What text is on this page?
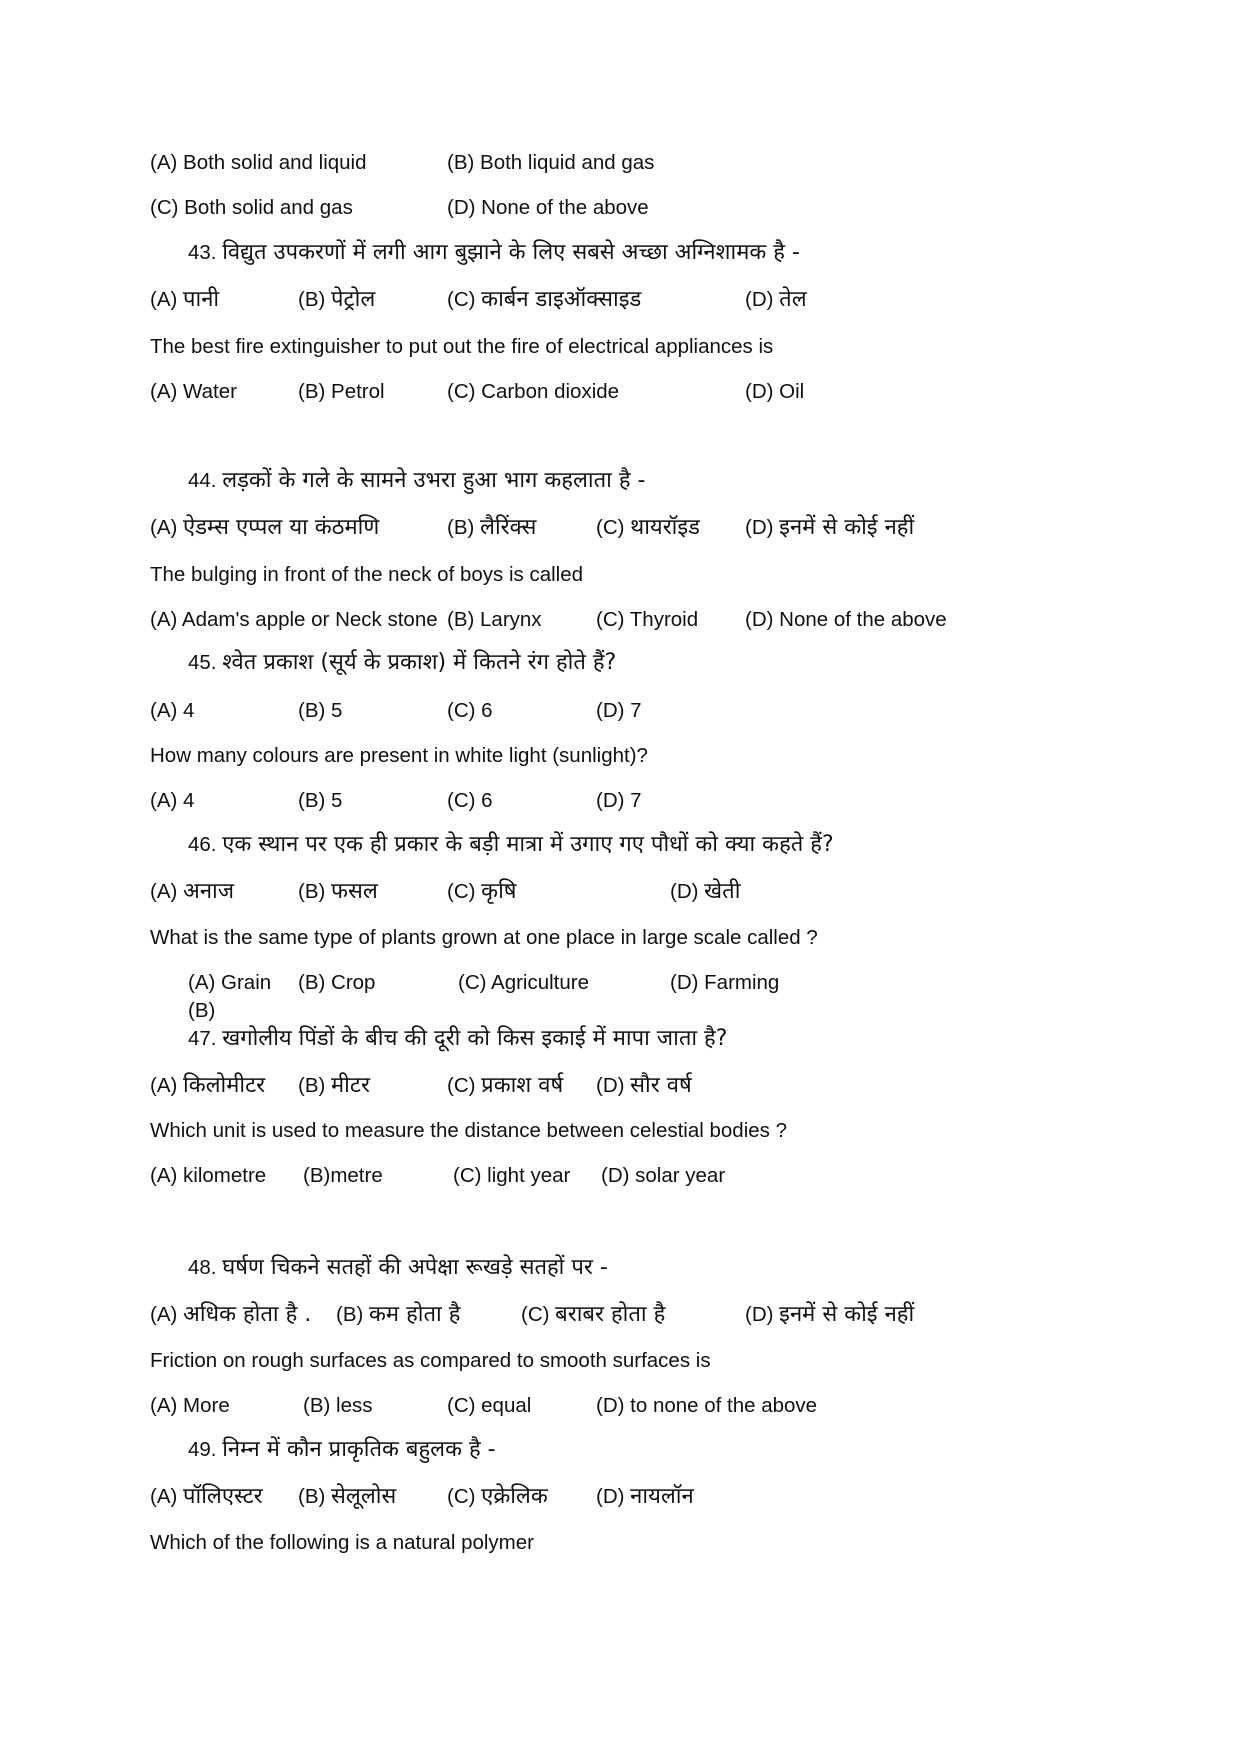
(A) Both solid and liquid	(B) Both liquid and gas
(C) Both solid and gas	(D) None of the above
43. विद्युत उपकरणों में लगी आग बुझाने के लिए सबसे अच्छा अग्निशामक है -
(A) पानी	(B) पेट्रोल	(C) कार्बन डाइऑक्साइड	(D) तेल
The best fire extinguisher to put out the fire of electrical appliances is
(A) Water	(B) Petrol	(C) Carbon dioxide	(D) Oil
44. लड़कों के गले के सामने उभरा हुआ भाग कहलाता है -
(A) ऐडम्स एप्पल या कंठमणि	(B) लैरिंक्स	(C) थायरॉइड (D) इनमें से कोई नहीं
The bulging in front of the neck of boys is called
(A) Adam's apple or Neck stone (B) Larynx	(C) Thyroid (D) None of the above
45. श्वेत प्रकाश (सूर्य के प्रकाश) में कितने रंग होते हैं?
(A) 4	(B) 5	(C) 6	(D) 7
How many colours are present in white light (sunlight)?
(A) 4	(B) 5	(C) 6	(D) 7
46. एक स्थान पर एक ही प्रकार के बड़ी मात्रा में उगाए गए पौधों को क्या कहते हैं?
(A) अनाज	(B) फसल	(C) कृषि	(D) खेती
What is the same type of plants grown at one place in large scale called ?
(A) Grain (B) Crop	(C) Agriculture	(D) Farming
(B)
47. खगोलीय पिंडों के बीच की दूरी को किस इकाई में मापा जाता है?
(A) किलोमीटर (B) मीटर	(C) प्रकाश वर्ष (D) सौर वर्ष
Which unit is used to measure the distance between celestial bodies ?
(A) kilometre (B)metre	(C) light year (D) solar year
48. घर्षण चिकने सतहों की अपेक्षा रूखड़े सतहों पर -
(A) अधिक होता है . (B) कम होता है	(C) बराबर होता है	(D) इनमें से कोई नहीं
Friction on rough surfaces as compared to smooth surfaces is
(A) More	(B) less	(C) equal	(D) to none of the above
49. निम्न में कौन प्राकृतिक बहुलक है -
(A) पॉलिएस्टर (B) सेलूलोस (C) एक्रेलिक (D) नायलॉन
Which of the following is a natural polymer
